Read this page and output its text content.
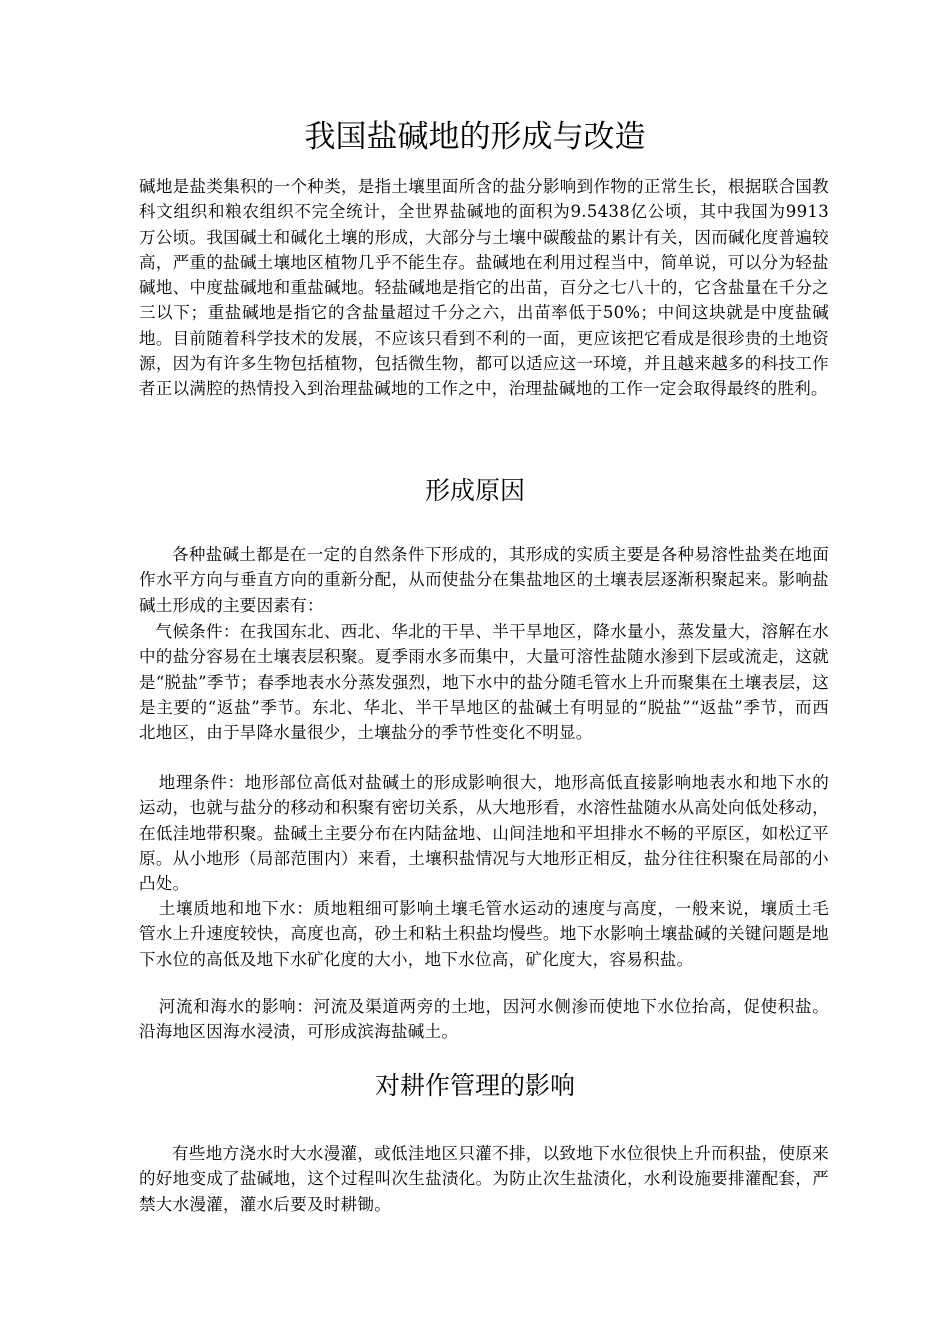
我国盐碱地的形成与改造

碱地是盐类集积的一个种类，是指土壤里面所含的盐分影响到作物的正常生长，根据联合国教科文组织和粮农组织不完全统计，全世界盐碱地的面积为9.5438亿公顷，其中我国为9913万公顷。我国碱土和碱化土壤的形成，大部分与土壤中碳酸盐的累计有关，因而碱化度普遍较高，严重的盐碱土壤地区植物几乎不能生存。盐碱地在利用过程当中，简单说，可以分为轻盐碱地、中度盐碱地和重盐碱地。轻盐碱地是指它的出苗，百分之七八十的，它含盐量在千分之三以下；重盐碱地是指它的含盐量超过千分之六，出苗率低于50%；中间这块就是中度盐碱地。目前随着科学技术的发展，不应该只看到不利的一面，更应该把它看成是很珍贵的土地资源，因为有许多生物包括植物，包括微生物，都可以适应这一环境，并且越来越多的科技工作者正以满腔的热情投入到治理盐碱地的工作之中，治理盐碱地的工作一定会取得最终的胜利。

形成原因

各种盐碱土都是在一定的自然条件下形成的，其形成的实质主要是各种易溶性盐类在地面作水平方向与垂直方向的重新分配，从而使盐分在集盐地区的土壤表层逐渐积聚起来。影响盐碱土形成的主要因素有：

气候条件：在我国东北、西北、华北的干旱、半干旱地区，降水量小，蒸发量大，溶解在水中的盐分容易在土壤表层积聚。夏季雨水多而集中，大量可溶性盐随水渗到下层或流走，这就是“脱盐”季节；春季地表水分蒸发强烈，地下水中的盐分随毛管水上升而聚集在土壤表层，这是主要的“返盐”季节。东北、华北、半干旱地区的盐碱土有明显的“脱盐”“返盐”季节，而西北地区，由于旱降水量很少，土壤盐分的季节性变化不明显。

地理条件：地形部位高低对盐碱土的形成影响很大，地形高低直接影响地表水和地下水的运动，也就与盐分的移动和积聚有密切关系，从大地形看，水溶性盐随水从高处向低处移动，在低洼地带积聚。盐碱土主要分布在内陆盆地、山间洼地和平坦排水不畅的平原区，如松辽平原。从小地形（局部范围内）来看，土壤积盐情况与大地形正相反，盐分往往积聚在局部的小凸处。

土壤质地和地下水：质地粗细可影响土壤毛管水运动的速度与高度，一般来说，壤质土毛管水上升速度较快，高度也高，砂土和粘土积盐均慢些。地下水影响土壤盐碱的关键问题是地下水位的高低及地下水矿化度的大小，地下水位高，矿化度大，容易积盐。

河流和海水的影响：河流及渠道两旁的土地，因河水侧渗而使地下水位抬高，促使积盐。沿海地区因海水浸渍，可形成滨海盐碱土。

对耕作管理的影响

有些地方浇水时大水漫灌，或低洼地区只灌不排，以致地下水位很快上升而积盐，使原来的好地变成了盐碱地，这个过程叫次生盐渍化。为防止次生盐渍化，水利设施要排灌配套，严禁大水漫灌，灌水后要及时耕锄。
